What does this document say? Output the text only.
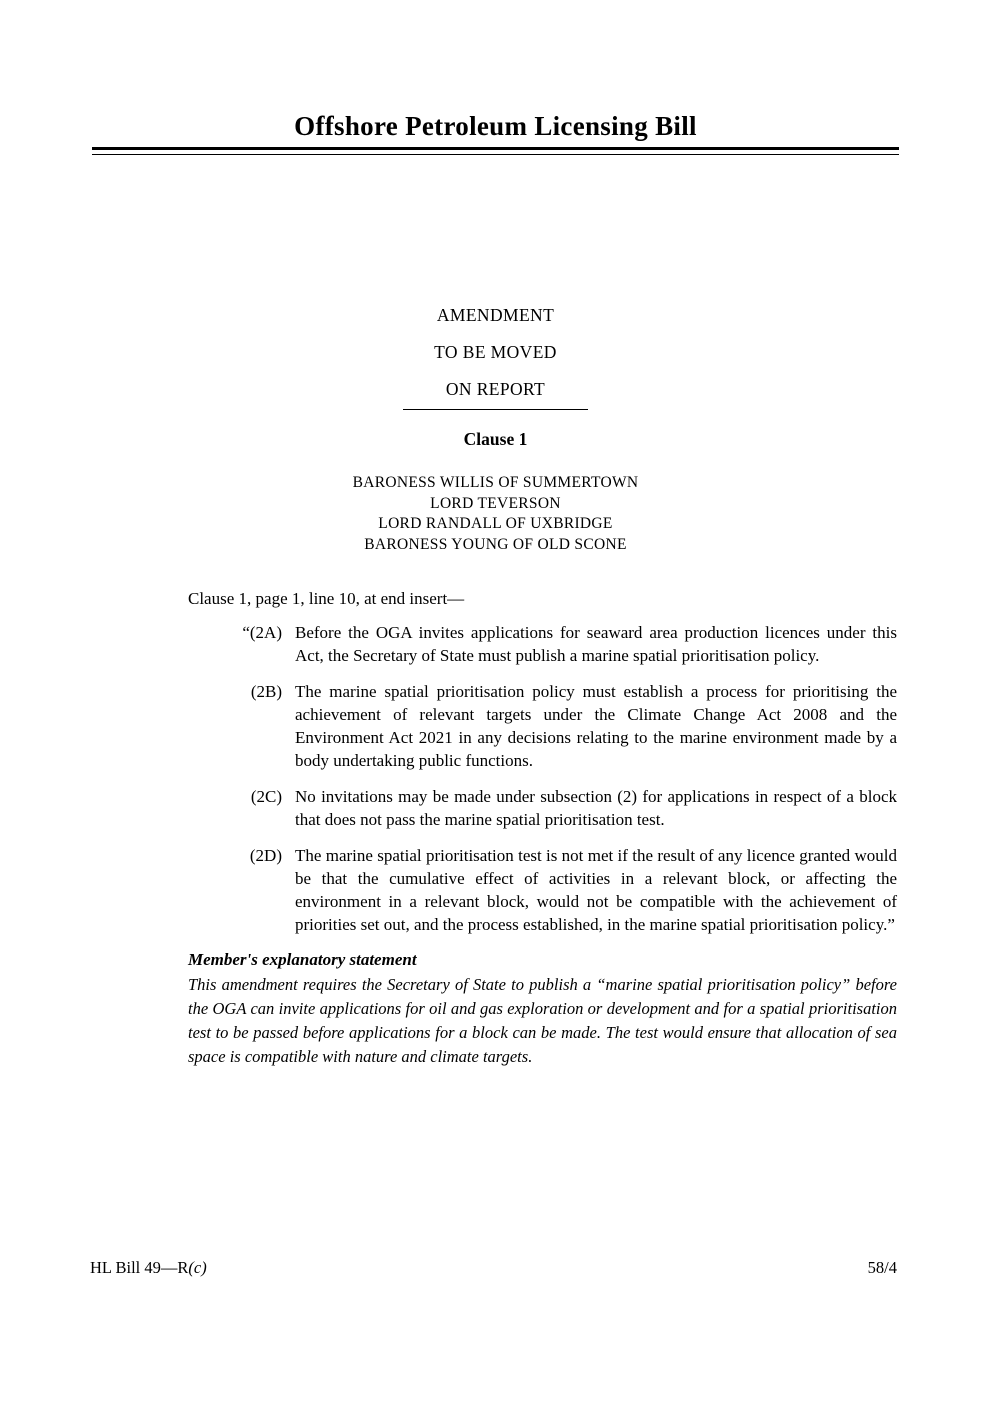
Offshore Petroleum Licensing Bill
AMENDMENT
TO BE MOVED
ON REPORT
Clause 1
BARONESS WILLIS OF SUMMERTOWN
LORD TEVERSON
LORD RANDALL OF UXBRIDGE
BARONESS YOUNG OF OLD SCONE
Clause 1, page 1, line 10, at end insert—
“(2A) Before the OGA invites applications for seaward area production licences under this Act, the Secretary of State must publish a marine spatial prioritisation policy.
(2B) The marine spatial prioritisation policy must establish a process for prioritising the achievement of relevant targets under the Climate Change Act 2008 and the Environment Act 2021 in any decisions relating to the marine environment made by a body undertaking public functions.
(2C) No invitations may be made under subsection (2) for applications in respect of a block that does not pass the marine spatial prioritisation test.
(2D) The marine spatial prioritisation test is not met if the result of any licence granted would be that the cumulative effect of activities in a relevant block, or affecting the environment in a relevant block, would not be compatible with the achievement of priorities set out, and the process established, in the marine spatial prioritisation policy.”
Member's explanatory statement
This amendment requires the Secretary of State to publish a “marine spatial prioritisation policy” before the OGA can invite applications for oil and gas exploration or development and for a spatial prioritisation test to be passed before applications for a block can be made. The test would ensure that allocation of sea space is compatible with nature and climate targets.
HL Bill 49—R(c)	58/4
